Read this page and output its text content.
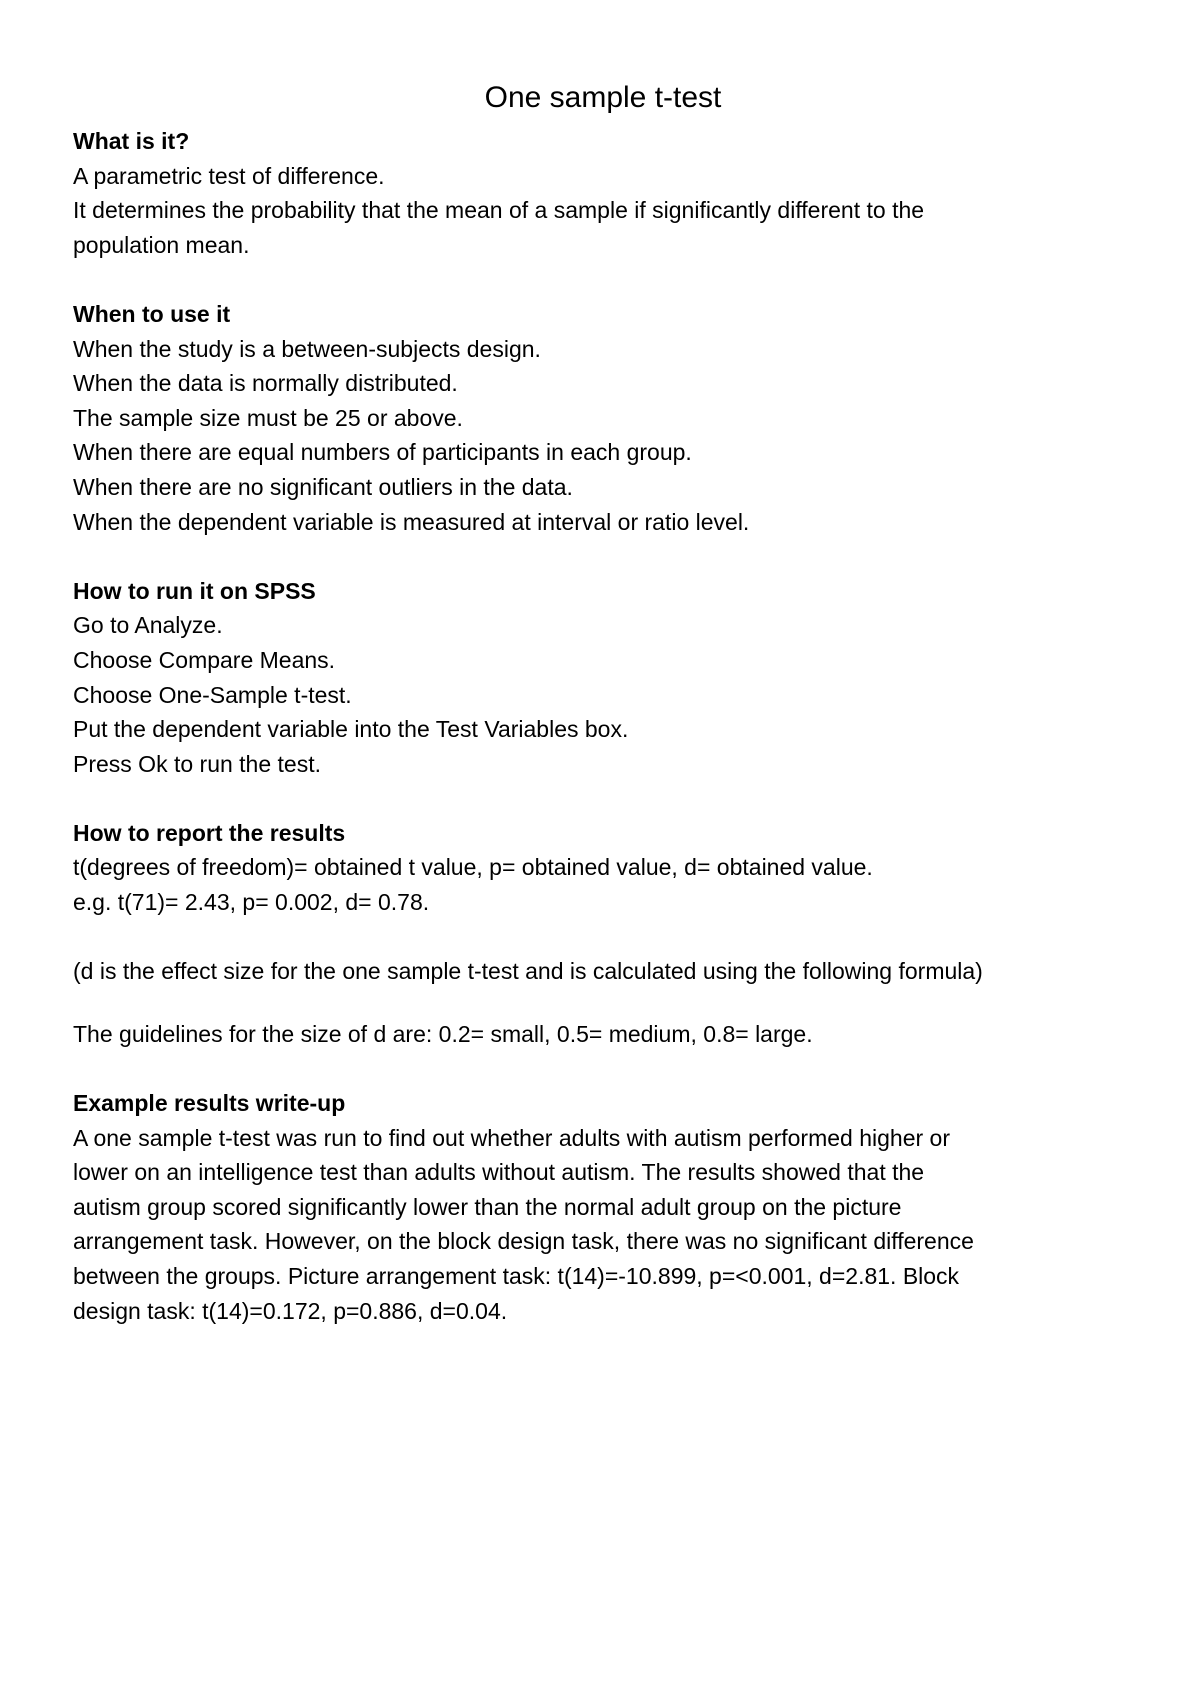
One sample t-test
What is it?
A parametric test of difference.
It determines the probability that the mean of a sample if significantly different to the
population mean.
When to use it
When the study is a between-subjects design.
When the data is normally distributed.
The sample size must be 25 or above.
When there are equal numbers of participants in each group.
When there are no significant outliers in the data.
When the dependent variable is measured at interval or ratio level.
How to run it on SPSS
Go to Analyze.
Choose Compare Means.
Choose One-Sample t-test.
Put the dependent variable into the Test Variables box.
Press Ok to run the test.
How to report the results
t(degrees of freedom)= obtained t value, p= obtained value, d= obtained value.
e.g. t(71)= 2.43, p= 0.002, d= 0.78.
(d is the effect size for the one sample t-test and is calculated using the following formula)
The guidelines for the size of d are: 0.2= small, 0.5= medium, 0.8= large.
Example results write-up
A one sample t-test was run to find out whether adults with autism performed higher or
lower on an intelligence test than adults without autism. The results showed that the
autism group scored significantly lower than the normal adult group on the picture
arrangement task. However, on the block design task, there was no significant difference
between the groups. Picture arrangement task: t(14)=-10.899, p=<0.001, d=2.81. Block
design task: t(14)=0.172, p=0.886, d=0.04.
